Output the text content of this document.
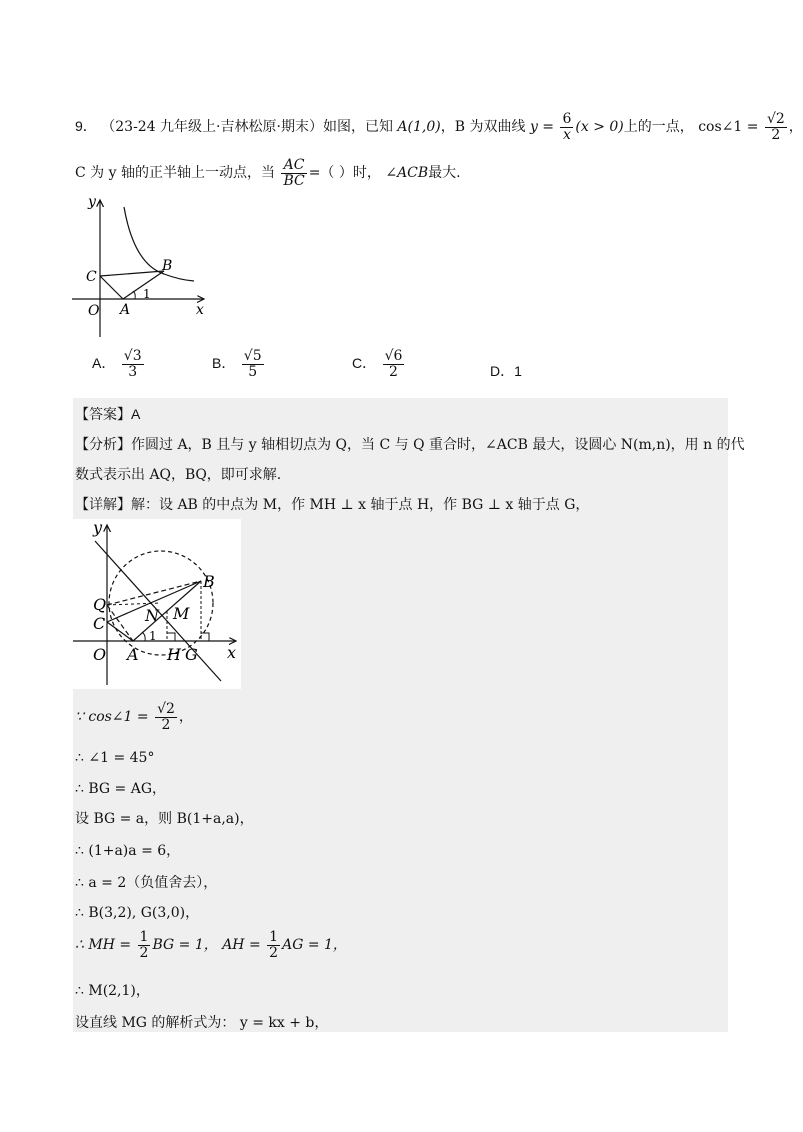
9． （23-24 九年级上·吉林松原·期末）如图，已知 A(1,0)，B 为双曲线 $y = \frac{6}{x} (x > 0)$上的一点， cos∠1 = $\frac{√2}{2}$ ，
C 为 y 轴的正半轴上一动点，当 $\frac{AC}{BC}$ =（ ）时， ∠ACB最大.
y
x
O A
B
C
1
A． $\frac{√3}{3}$	B． $\frac{√5}{5}$	C． $\frac{√6}{2}$	D．1
【答案】A
【分析】作圆过 A，B 且与 y 轴相切点为 Q，当 C 与 Q 重合时，∠ACB 最大，设圆心 N(m,n)，用 n 的代
数式表示出 AQ，BQ，即可求解.
【详解】解：设 AB 的中点为 M，作 MH ⊥ x 轴于点 H，作 BG ⊥ x 轴于点 G，
y
x
O A
B
C
Q
N M
H G
1
∵ cos∠1 = $\frac{√2}{2}$ ，
∴ ∠1 = 45°
∴ BG = AG，
设 BG = a，则 B(1+a,a)，
∴ (1+a)a = 6，
∴ a = 2（负值舍去），
∴ B(3,2), G(3,0)，
∴ MH = $\frac{1}{2}$ BG = 1， AH = $\frac{1}{2}$ AG = 1，
∴ M(2,1)，
设直线 MG 的解析式为： y = kx + b，
